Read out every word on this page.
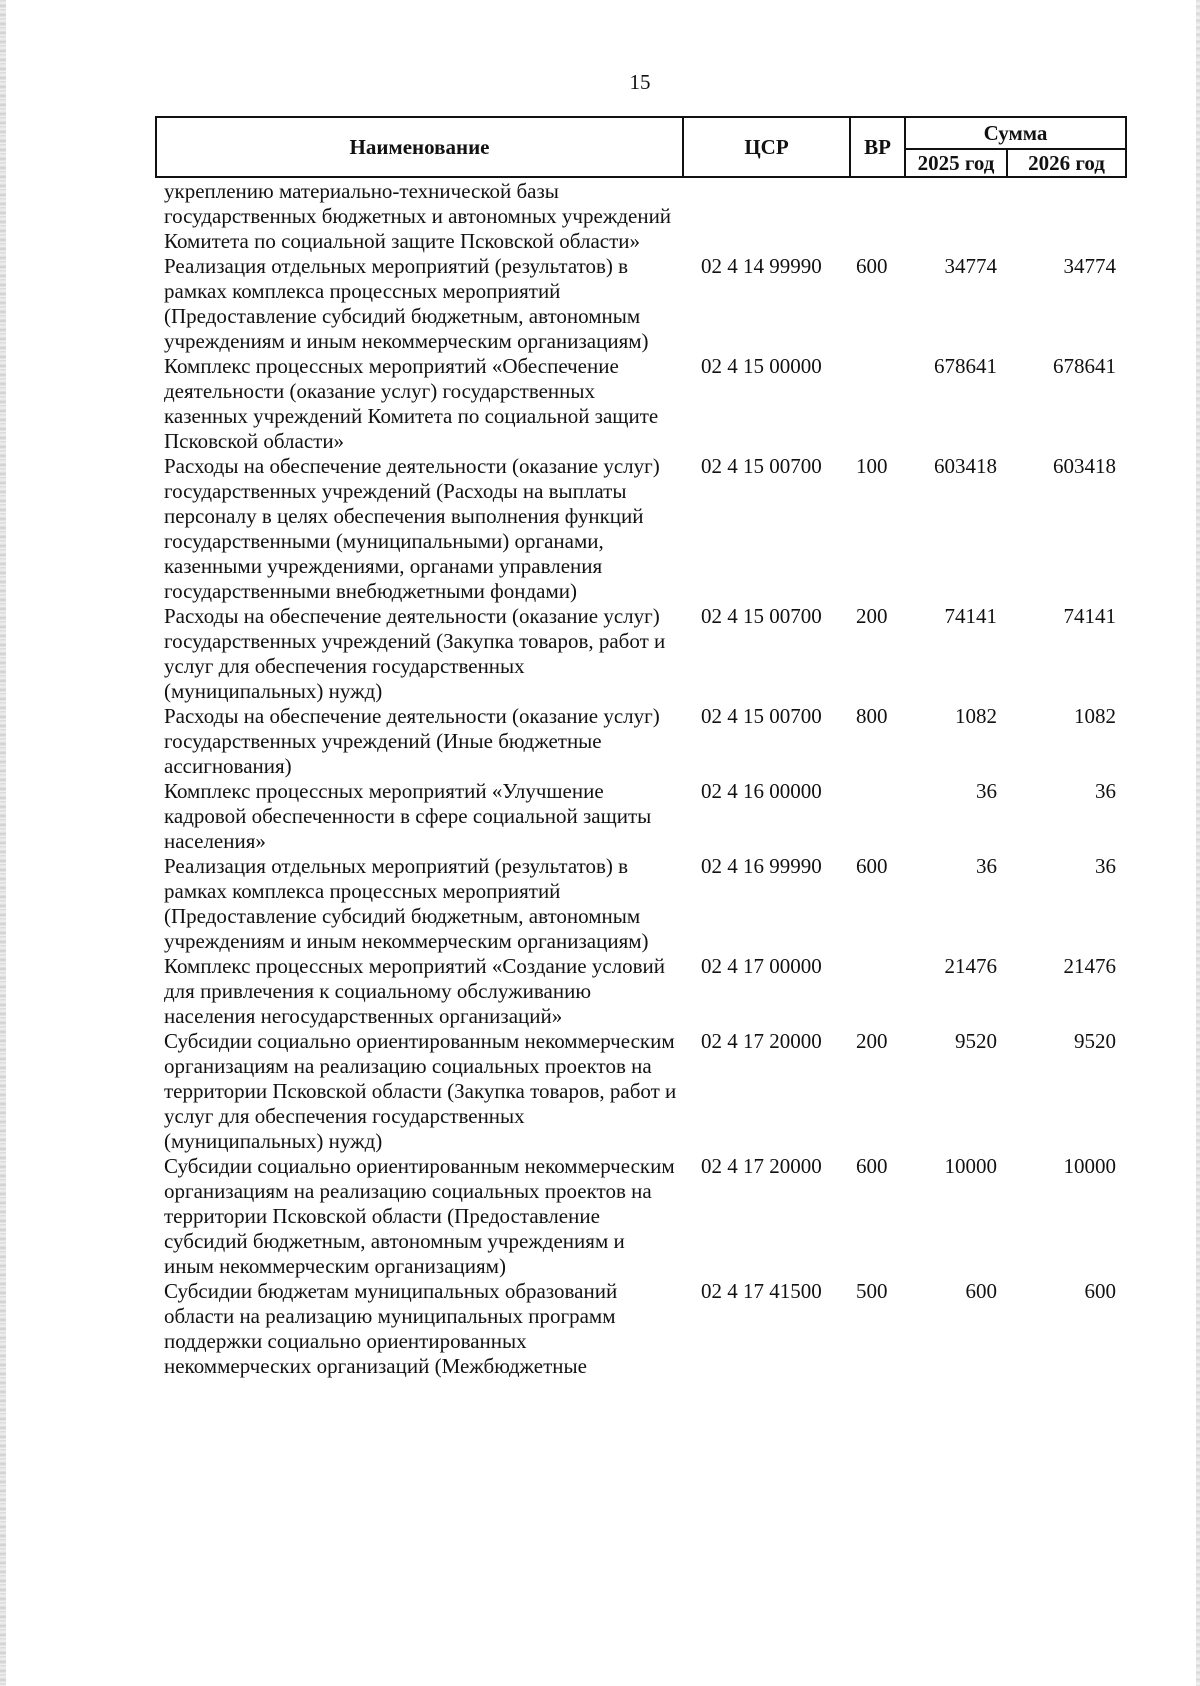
15
Наименование	ЦСР	ВР	Сумма	
			2025 год	2026 год
укреплению материально-технической базы государственных бюджетных и автономных учреждений Комитета по социальной защите Псковской области»				
Реализация отдельных мероприятий (результатов) в рамках комплекса процессных мероприятий (Предоставление субсидий бюджетным, автономным учреждениям и иным некоммерческим организациям)	02 4 14 99990	600	34774	34774
Комплекс процессных мероприятий «Обеспечение деятельности (оказание услуг) государственных казенных учреждений Комитета по социальной защите Псковской области»	02 4 15 00000		678641	678641
Расходы на обеспечение деятельности (оказание услуг) государственных учреждений (Расходы на выплаты персоналу в целях обеспечения выполнения функций государственными (муниципальными) органами, казенными учреждениями, органами управления государственными внебюджетными фондами)	02 4 15 00700	100	603418	603418
Расходы на обеспечение деятельности (оказание услуг) государственных учреждений (Закупка товаров, работ и услуг для обеспечения государственных (муниципальных) нужд)	02 4 15 00700	200	74141	74141
Расходы на обеспечение деятельности (оказание услуг) государственных учреждений (Иные бюджетные ассигнования)	02 4 15 00700	800	1082	1082
Комплекс процессных мероприятий «Улучшение кадровой обеспеченности в сфере социальной защиты населения»	02 4 16 00000		36	36
Реализация отдельных мероприятий (результатов) в рамках комплекса процессных мероприятий (Предоставление субсидий бюджетным, автономным учреждениям и иным некоммерческим организациям)	02 4 16 99990	600	36	36
Комплекс процессных мероприятий «Создание условий для привлечения к социальному обслуживанию населения негосударственных организаций»	02 4 17 00000		21476	21476
Субсидии социально ориентированным некоммерческим организациям на реализацию социальных проектов на территории Псковской области (Закупка товаров, работ и услуг для обеспечения государственных (муниципальных) нужд)	02 4 17 20000	200	9520	9520
Субсидии социально ориентированным некоммерческим организациям на реализацию социальных проектов на территории Псковской области (Предоставление субсидий бюджетным, автономным учреждениям и иным некоммерческим организациям)	02 4 17 20000	600	10000	10000
Субсидии бюджетам муниципальных образований области на реализацию муниципальных программ поддержки социально ориентированных некоммерческих организаций (Межбюджетные	02 4 17 41500	500	600	600
